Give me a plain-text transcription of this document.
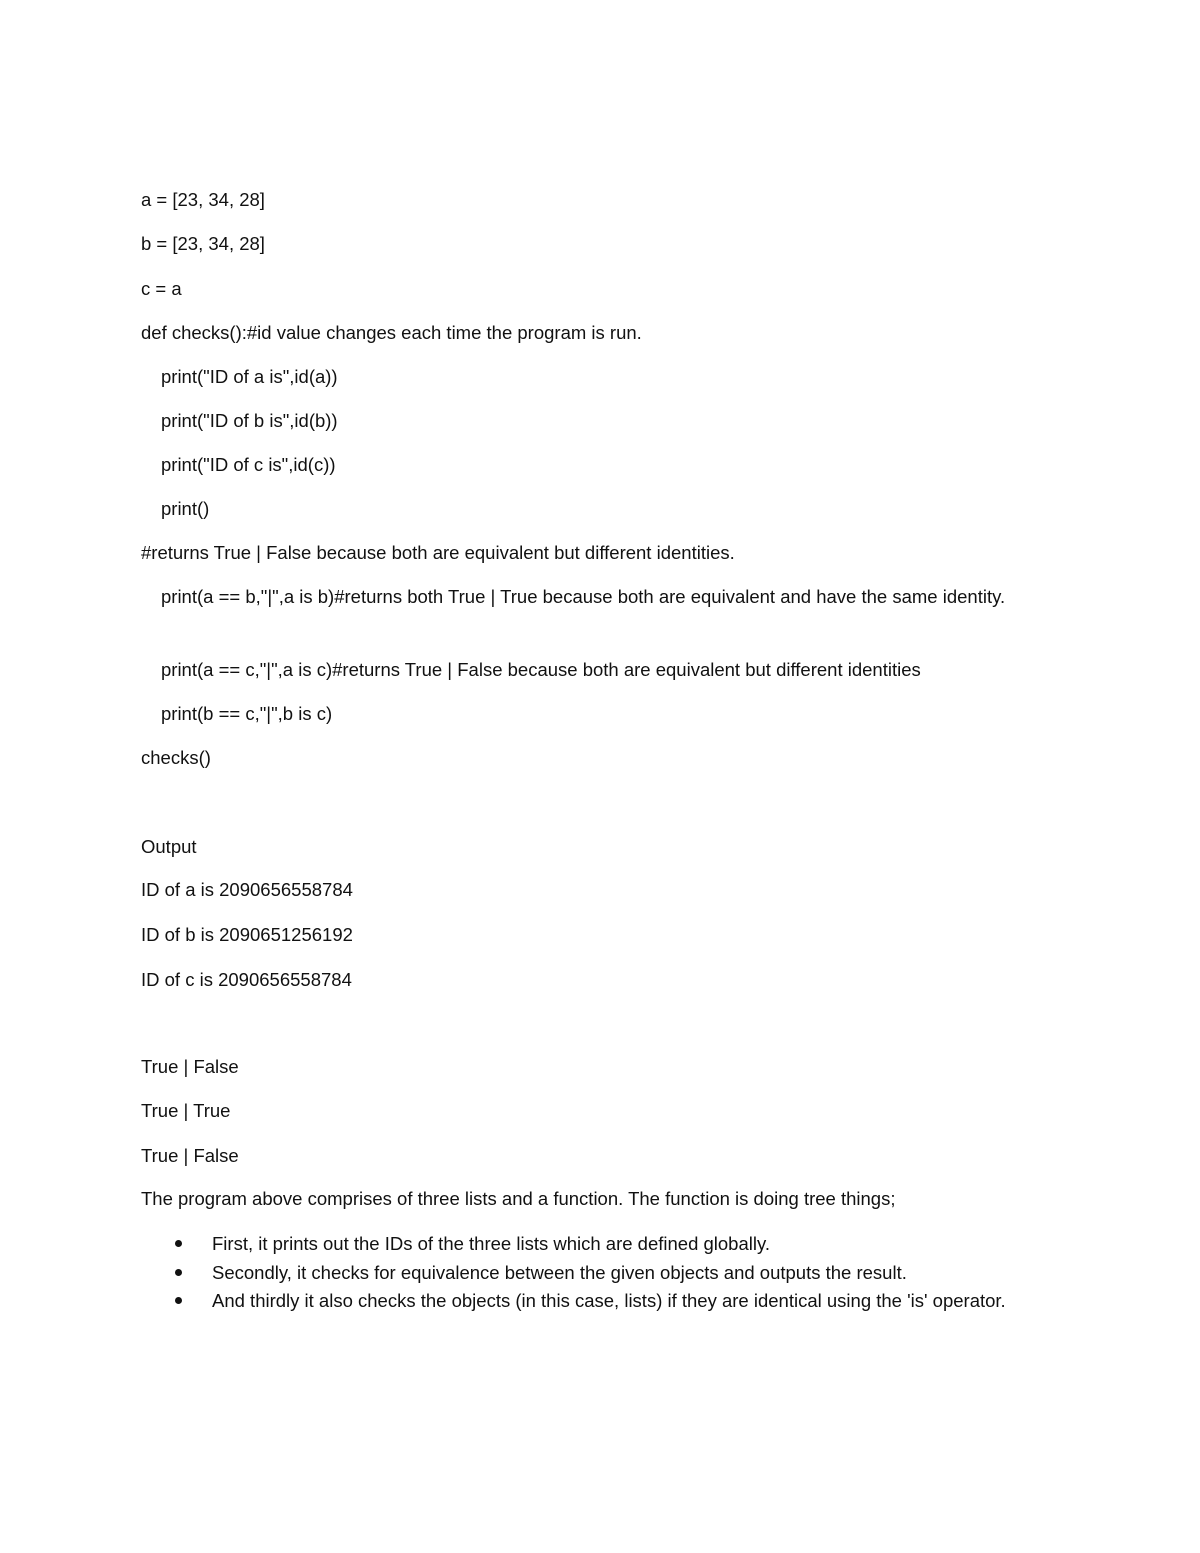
a = [23, 34, 28]
b = [23, 34, 28]
c = a
def checks():#id value changes each time the program is run.
print("ID of a is",id(a))
print("ID of b is",id(b))
print("ID of c is",id(c))
print()
#returns True | False because both are equivalent but different identities.
print(a == b,"|",a is b)#returns both True | True because both are equivalent and have the same identity.
print(a == c,"|",a is c)#returns True | False because both are equivalent but different identities
print(b == c,"|",b is c)
checks()
Output
ID of a is 2090656558784
ID of b is 2090651256192
ID of c is 2090656558784
True | False
True | True
True | False
The program above comprises of three lists and a function. The function is doing tree things;
First, it prints out the IDs of the three lists which are defined globally.
Secondly, it checks for equivalence between the given objects and outputs the result.
And thirdly it also checks the objects (in this case, lists) if they are identical using the 'is' operator.
